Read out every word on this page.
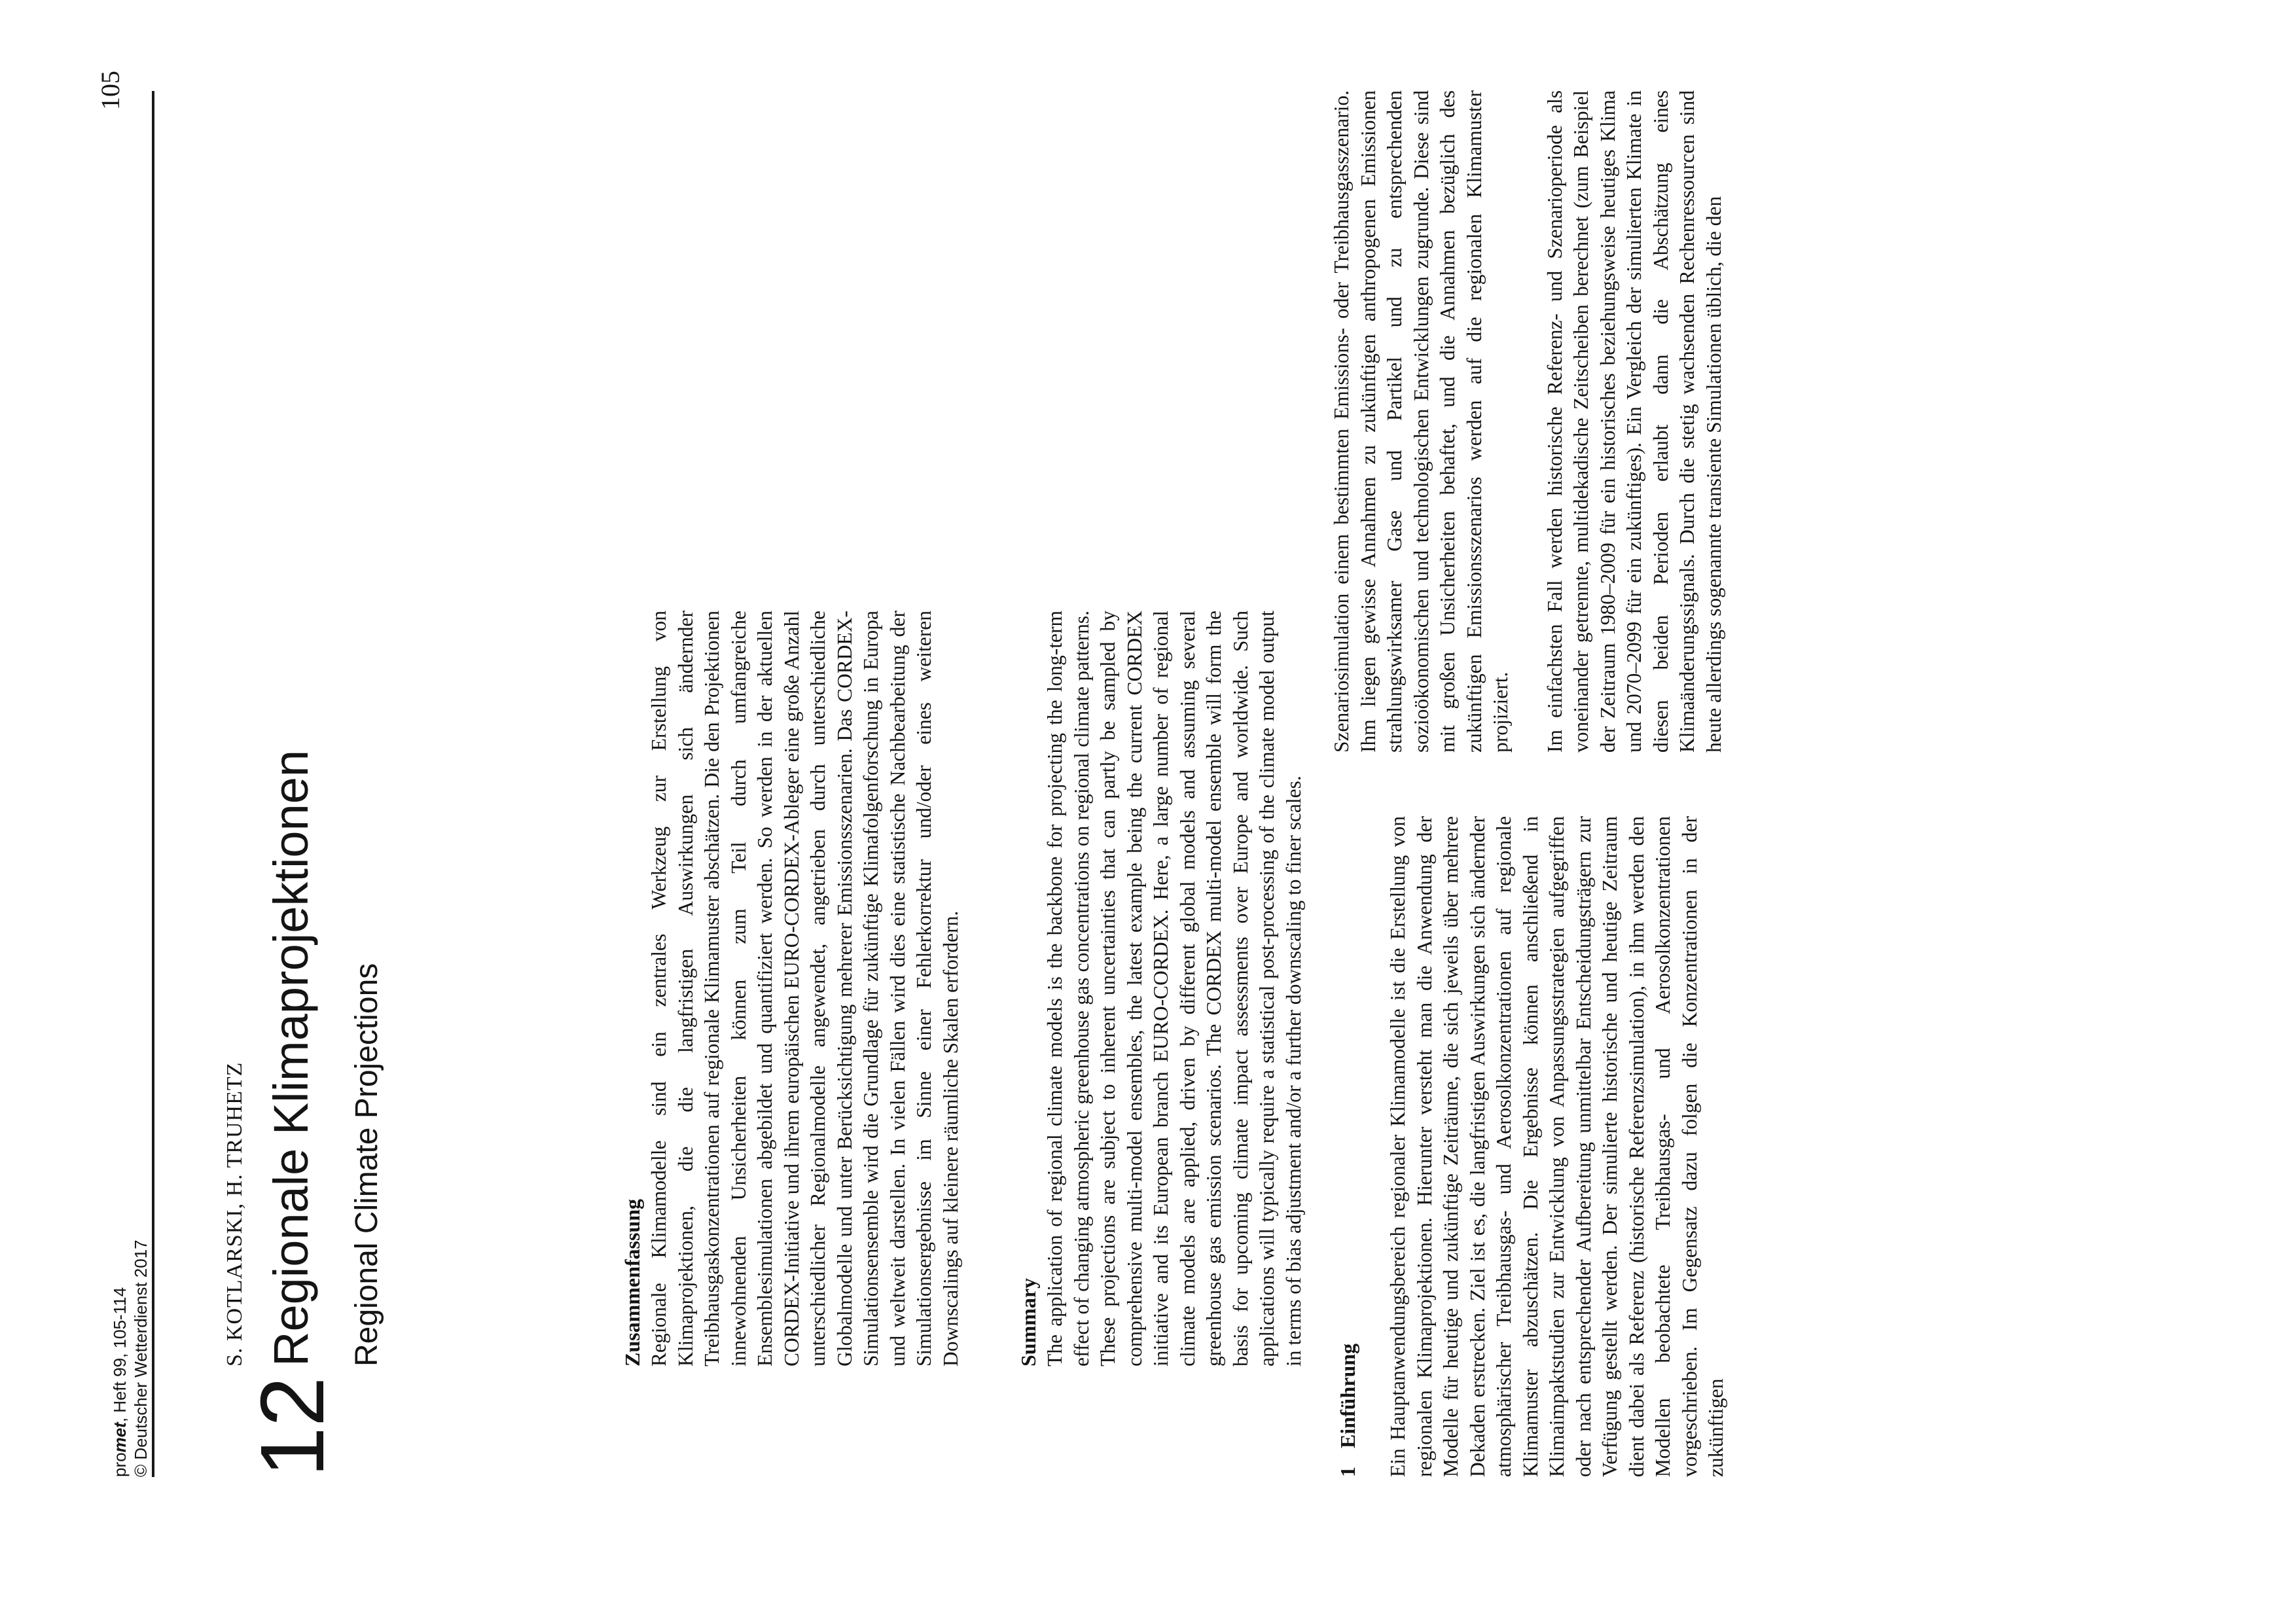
promet, Heft 99, 105-114 © Deutscher Wetterdienst 2017
105
12
S. KOTLARSKI, H. TRUHETZ Regionale Klimaprojektionen Regional Climate Projections	Zusammenfassung Regionale Klimamodelle sind ein zentrales Werkzeug zur Erstellung von Klimaprojektionen, die die langfristigen Auswirkungen sich ändernder Treibhausgaskonzentrationen auf regionale Klimamuster abschätzen. Die den Projektionen innewohnenden Unsicherheiten können zum Teil durch umfangreiche Ensemblesimulationen abgebildet und quantifiziert werden. So werden in der aktuellen CORDEX-Initiative und ihrem europäischen EURO-CORDEX-Ableger eine große Anzahl unterschiedlicher Regionalmodelle angewendet, angetrieben durch unterschiedliche Globalmodelle und unter Berücksichtigung mehrerer Emissionsszenarien. Das CORDEX-Simulationsensemble wird die Grundlage für zukünftige Klimafolgenforschung in Europa und weltweit darstellen. In vielen Fällen wird dies eine statistische Nachbearbeitung der Simulationsergebnisse im Sinne einer Fehlerkorrektur und/oder eines weiteren Downscalings auf kleinere räumliche Skalen erfordern.	Summary The application of regional climate models is the backbone for projecting the long-term effect of changing atmospheric greenhouse gas concentrations on regional climate patterns. These projections are subject to inherent uncertainties that can partly be sampled by comprehensive multi-model ensembles, the latest example being the current CORDEX initiative and its European branch EURO-CORDEX. Here, a large number of regional climate models are applied, driven by different global models and assuming several greenhouse gas emission scenarios. The CORDEX multi-model ensemble will form the basis for upcoming climate impact assessments over Europe and worldwide. Such applications will typically require a statistical post-processing of the climate model output in terms of bias adjustment and/or a further downscaling to finer scales.
1Einführung Ein Hauptanwendungsbereich regionaler Klimamodelle ist die Erstellung von regionalen Klimaprojektionen. Hierunter versteht man die Anwendung der Modelle für heutige und zukünftige Zeiträume, die sich jeweils über mehrere Dekaden erstrecken. Ziel ist es, die langfristigen Auswirkungen sich ändernder atmosphärischer Treibhausgas- und Aerosolkonzentrationen auf regionale Klimamuster abzuschätzen. Die Ergebnisse können anschließend in Klimaimpaktstudien zur Entwicklung von Anpassungsstrategien aufgegriffen oder nach entsprechender Aufbereitung unmittelbar Entscheidungsträgern zur Verfügung gestellt werden. Der simulierte historische und heutige Zeitraum dient dabei als Referenz (historische Referenzsimulation), in ihm werden den Modellen beobachtete Treibhausgas- und Aerosolkonzentrationen vorgeschrieben. Im Gegensatz dazu folgen die Konzentrationen in der zukünftigen

Szenariosimulation einem bestimmten Emissions- oder Treibhausgasszenario. Ihm liegen gewisse Annahmen zu zukünftigen anthropogenen Emissionen strahlungswirksamer Gase und Partikel und zu entsprechenden sozioökonomischen und technologischen Entwicklungen zugrunde. Diese sind mit großen Unsicherheiten behaftet, und die Annahmen bezüglich des zukünftigen Emissionsszenarios werden auf die regionalen Klimamuster projiziert. Im einfachsten Fall werden historische Referenz- und Szenarioperiode als voneinander getrennte, multidekadische Zeitscheiben berechnet (zum Beispiel der Zeitraum 1980–2009 für ein historisches beziehungsweise heutiges Klima und 2070–2099 für ein zukünftiges). Ein Vergleich der simulierten Klimate in diesen beiden Perioden erlaubt dann die Abschätzung eines Klimaänderungssignals. Durch die stetig wachsenden Rechenressourcen sind heute allerdings sogenannte transiente Simulationen üblich, die den
